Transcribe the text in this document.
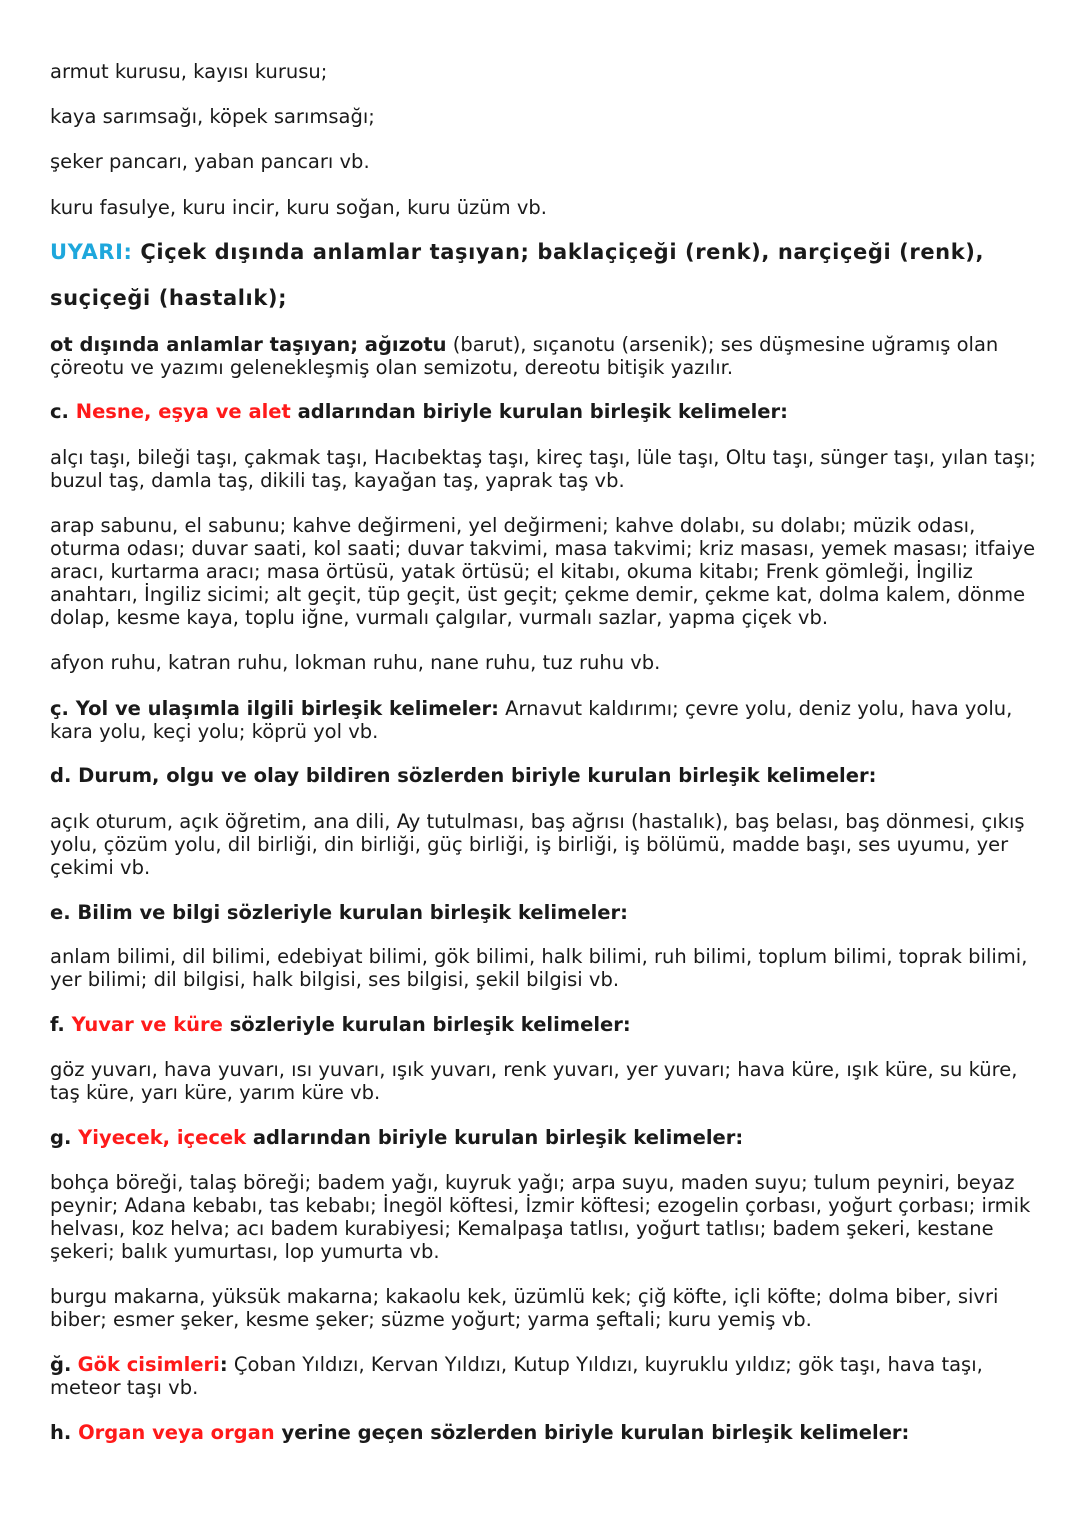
armut kurusu, kayısı kurusu;

kaya sarımsağı, köpek sarımsağı;

şeker pancarı, yaban pancarı vb.

kuru fasulye, kuru incir, kuru soğan, kuru üzüm vb.

UYARI: Çiçek dışında anlamlar taşıyan; baklaçiçeği (renk), narçiçeği (renk),

suçiçeği (hastalık);

ot dışında anlamlar taşıyan; ağızotu (barut), sıçanotu (arsenik); ses düşmesine uğramış olan çöreotu ve yazımı gelenekleşmiş olan semizotu, dereotu bitişik yazılır.

c. Nesne, eşya ve alet adlarından biriyle kurulan birleşik kelimeler:

alçı taşı, bileği taşı, çakmak taşı, Hacıbektaş taşı, kireç taşı, lüle taşı, Oltu taşı, sünger taşı, yılan taşı; buzul taş, damla taş, dikili taş, kayağan taş, yaprak taş vb.

arap sabunu, el sabunu; kahve değirmeni, yel değirmeni; kahve dolabı, su dolabı; müzik odası, oturma odası; duvar saati, kol saati; duvar takvimi, masa takvimi; kriz masası, yemek masası; itfaiye aracı, kurtarma aracı; masa örtüsü, yatak örtüsü; el kitabı, okuma kitabı; Frenk gömleği, İngiliz anahtarı, İngiliz sicimi; alt geçit, tüp geçit, üst geçit; çekme demir, çekme kat, dolma kalem, dönme dolap, kesme kaya, toplu iğne, vurmalı çalgılar, vurmalı sazlar, yapma çiçek vb.

afyon ruhu, katran ruhu, lokman ruhu, nane ruhu, tuz ruhu vb.

ç. Yol ve ulaşımla ilgili birleşik kelimeler: Arnavut kaldırımı; çevre yolu, deniz yolu, hava yolu, kara yolu, keçi yolu; köprü yol vb.

d. Durum, olgu ve olay bildiren sözlerden biriyle kurulan birleşik kelimeler:

açık oturum, açık öğretim, ana dili, Ay tutulması, baş ağrısı (hastalık), baş belası, baş dönmesi, çıkış yolu, çözüm yolu, dil birliği, din birliği, güç birliği, iş birliği, iş bölümü, madde başı, ses uyumu, yer çekimi vb.

e. Bilim ve bilgi sözleriyle kurulan birleşik kelimeler:

anlam bilimi, dil bilimi, edebiyat bilimi, gök bilimi, halk bilimi, ruh bilimi, toplum bilimi, toprak bilimi, yer bilimi; dil bilgisi, halk bilgisi, ses bilgisi, şekil bilgisi vb.

f. Yuvar ve küre sözleriyle kurulan birleşik kelimeler:

göz yuvarı, hava yuvarı, ısı yuvarı, ışık yuvarı, renk yuvarı, yer yuvarı; hava küre, ışık küre, su küre, taş küre, yarı küre, yarım küre vb.

g. Yiyecek, içecek adlarından biriyle kurulan birleşik kelimeler:

bohça böreği, talaş böreği; badem yağı, kuyruk yağı; arpa suyu, maden suyu; tulum peyniri, beyaz peynir; Adana kebabı, tas kebabı; İnegöl köftesi, İzmir köftesi; ezogelin çorbası, yoğurt çorbası; irmik helvası, koz helva; acı badem kurabiyesi; Kemalpaşa tatlısı, yoğurt tatlısı; badem şekeri, kestane şekeri; balık yumurtası, lop yumurta vb.

burgu makarna, yüksük makarna; kakaolu kek, üzümlü kek; çiğ köfte, içli köfte; dolma biber, sivri biber; esmer şeker, kesme şeker; süzme yoğurt; yarma şeftali; kuru yemiş vb.

ğ. Gök cisimleri: Çoban Yıldızı, Kervan Yıldızı, Kutup Yıldızı, kuyruklu yıldız; gök taşı, hava taşı, meteor taşı vb.

h. Organ veya organ yerine geçen sözlerden biriyle kurulan birleşik kelimeler:
